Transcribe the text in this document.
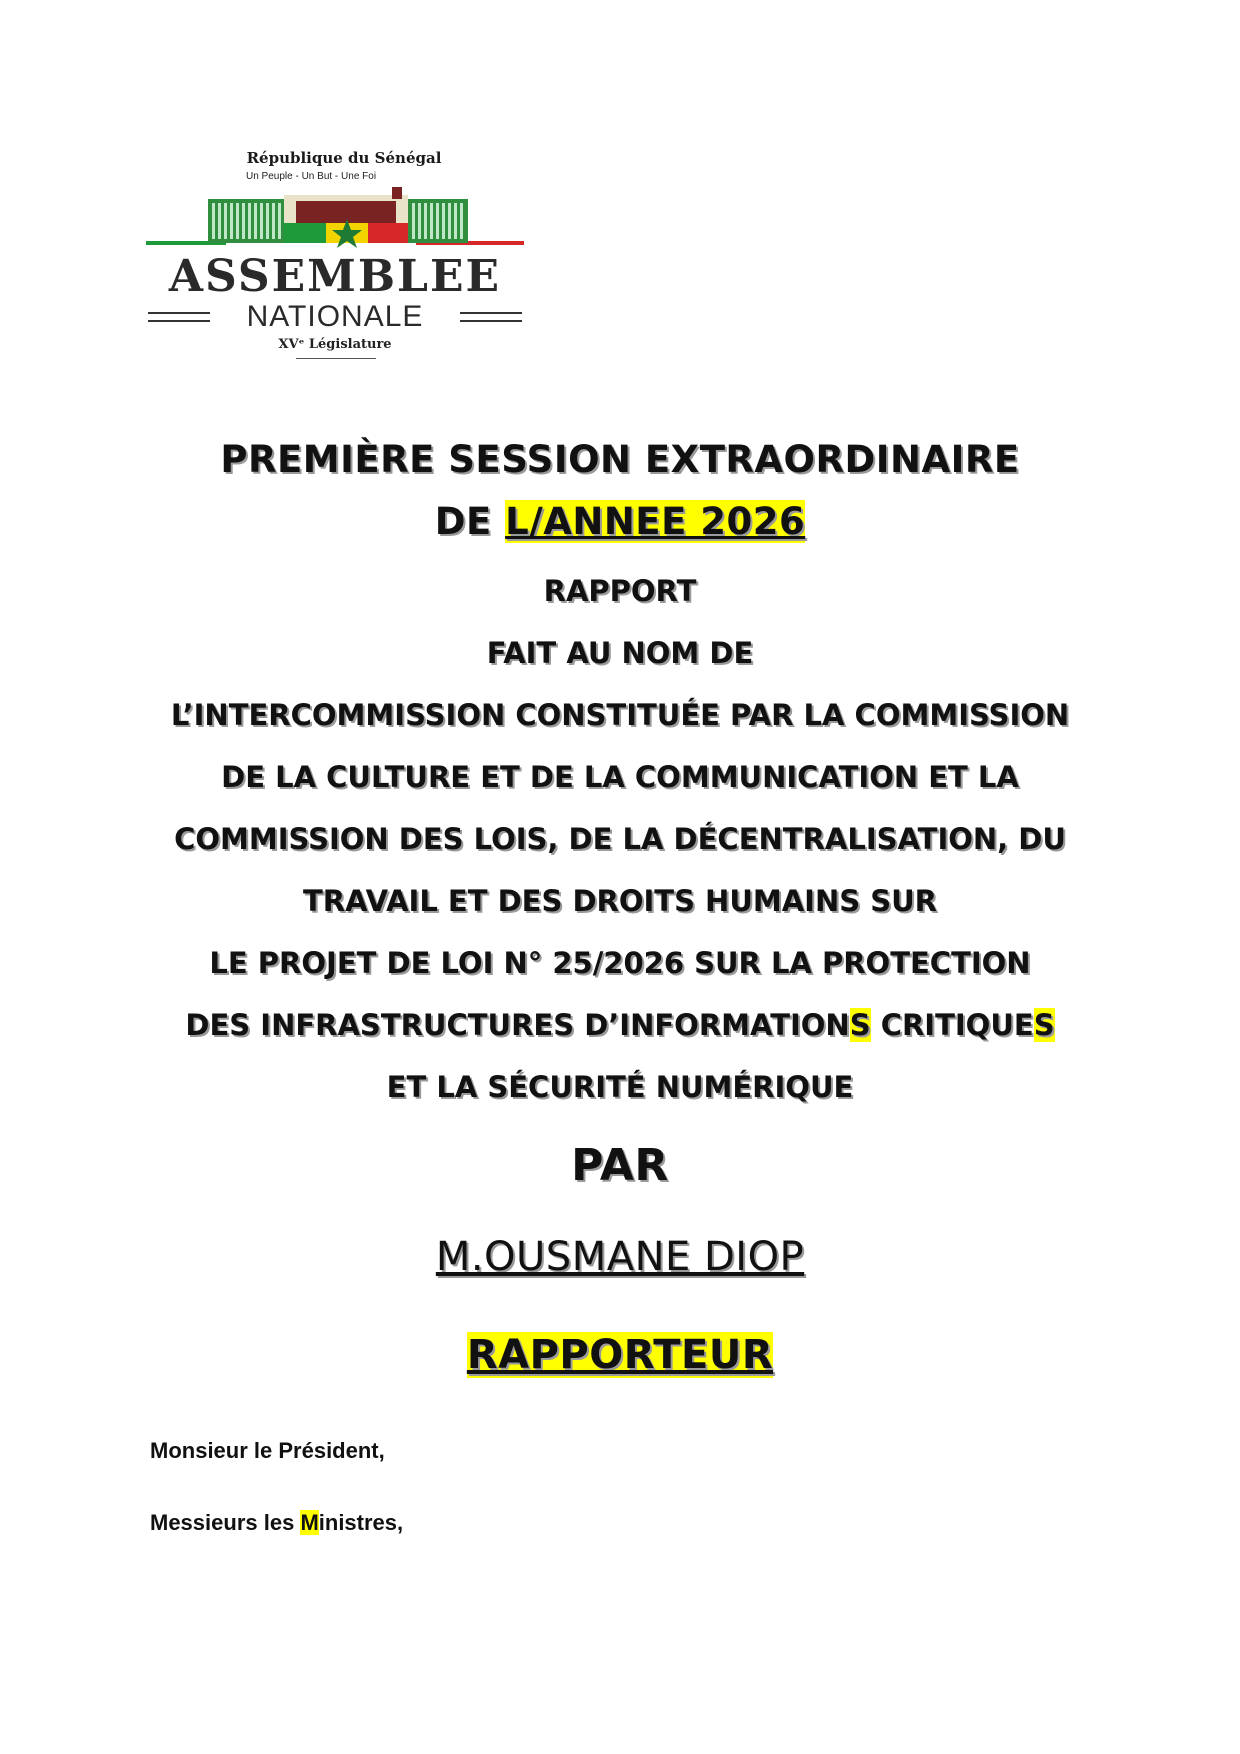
République du Sénégal
Un Peuple - Un But - Une Foi
ASSEMBLEE
NATIONALE
XVᵉ Législature
PREMIÈRE SESSION EXTRAORDINAIRE
DE L/ANNEE 2026
RAPPORT
FAIT AU NOM DE
L’INTERCOMMISSION CONSTITUÉE PAR LA COMMISSION
DE LA CULTURE ET DE LA COMMUNICATION ET LA
COMMISSION DES LOIS, DE LA DÉCENTRALISATION, DU
TRAVAIL ET DES DROITS HUMAINS SUR
LE PROJET DE LOI N° 25/2026 SUR LA PROTECTION
DES INFRASTRUCTURES D’INFORMATIONS CRITIQUES
ET LA SÉCURITÉ NUMÉRIQUE
PAR
M.OUSMANE DIOP
RAPPORTEUR
Monsieur le Président,
Messieurs les Ministres,
